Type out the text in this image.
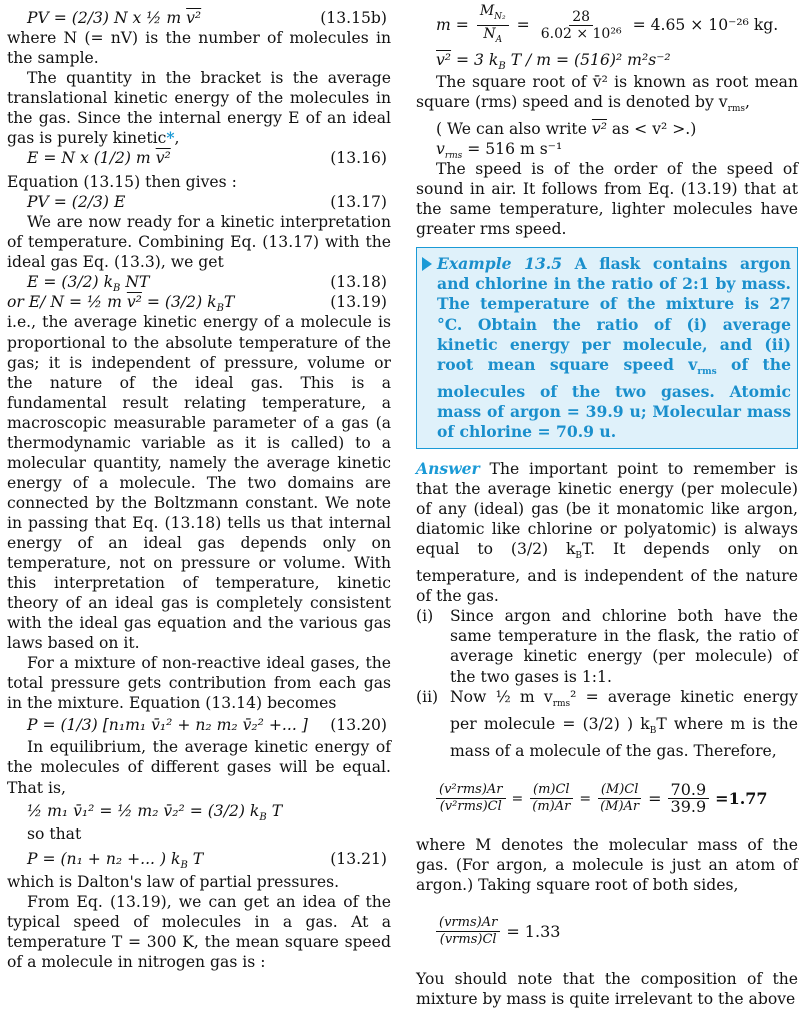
PV = (2/3) N x ½ m v²	(13.15b)

where N (= nV) is the number of molecules in the sample.

The quantity in the bracket is the average translational kinetic energy of the molecules in the gas. Since the internal energy E of an ideal gas is purely kinetic*,

E = N x (1/2) m v²	(13.16)

Equation (13.15) then gives :

PV = (2/3) E	(13.17)

We are now ready for a kinetic interpretation of temperature. Combining Eq. (13.17) with the ideal gas Eq. (13.3), we get

E = (3/2) $k_B$ NT	(13.18)
or E/ N = ½ m v² = (3/2) $k_BT$	(13.19)

i.e., the average kinetic energy of a molecule is proportional to the absolute temperature of the gas; it is independent of pressure, volume or the nature of the ideal gas. This is a fundamental result relating temperature, a macroscopic measurable parameter of a gas (a thermodynamic variable as it is called) to a molecular quantity, namely the average kinetic energy of a molecule. The two domains are connected by the Boltzmann constant. We note in passing that Eq. (13.18) tells us that internal energy of an ideal gas depends only on temperature, not on pressure or volume. With this interpretation of temperature, kinetic theory of an ideal gas is completely consistent with the ideal gas equation and the various gas laws based on it.

For a mixture of non-reactive ideal gases, the total pressure gets contribution from each gas in the mixture. Equation (13.14) becomes

P = (1/3) [n₁m₁ v̄₁² + n₂ m₂ v̄₂² +... ] (13.20)

In equilibrium, the average kinetic energy of the molecules of different gases will be equal. That is,

½ m₁ v̄₁² = ½ m₂ v̄₂² = (3/2) $k_B$ T
so that
P = (n₁ + n₂ +... ) $k_B$ T	(13.21)

which is Dalton's law of partial pressures.

From Eq. (13.19), we can get an idea of the typical speed of molecules in a gas. At a temperature T = 300 K, the mean square speed of a molecule in nitrogen gas is :

$m = \frac{M_{N_2}}{N_A} = \frac{28}{\text{6.02 × 10²⁶}} = 4.65 \times 10^{-26}$ kg.
v² = 3 $k_B$ T / m = (516)² m²s⁻²

The square root of v̄² is known as root mean square (rms) speed and is denoted by $v_{rms}$,

( We can also write v² as < v² >.)
$v_{rms} = 516$ m s⁻¹

The speed is of the order of the speed of sound in air. It follows from Eq. (13.19) that at the same temperature, lighter molecules have greater rms speed.

Example 13.5 A flask contains argon and chlorine in the ratio of 2:1 by mass. The temperature of the mixture is 27 °C. Obtain the ratio of (i) average kinetic energy per molecule, and (ii) root mean square speed $v_{rms}$ of the molecules of the two gases. Atomic mass of argon = 39.9 u; Molecular mass of chlorine = 70.9 u.

Answer The important point to remember is that the average kinetic energy (per molecule) of any (ideal) gas (be it monatomic like argon, diatomic like chlorine or polyatomic) is always equal to (3/2) $k_BT$. It depends only on temperature, and is independent of the nature of the gas.

(i) Since argon and chlorine both have the same temperature in the flask, the ratio of average kinetic energy (per molecule) of the two gases is 1:1.

(ii) Now ½ m $v_{rms}^2$ = average kinetic energy per molecule = (3/2) ) $k_BT$ where m is the mass of a molecule of the gas. Therefore,

$\frac{\text{(v²rms)Ar}}{\text{(v²rms)Cl}} = \frac{(m)Cl}{(m)Ar} = \frac{(M)Cl}{(M)Ar} = \frac{70.9}{39.9} =1.77$

where M denotes the molecular mass of the gas. (For argon, a molecule is just an atom of argon.) Taking square root of both sides,

$\frac{\text{(vrms)Ar}}{\text{(vrms)Cl}} = 1.33$

You should note that the composition of the mixture by mass is quite irrelevant to the above
